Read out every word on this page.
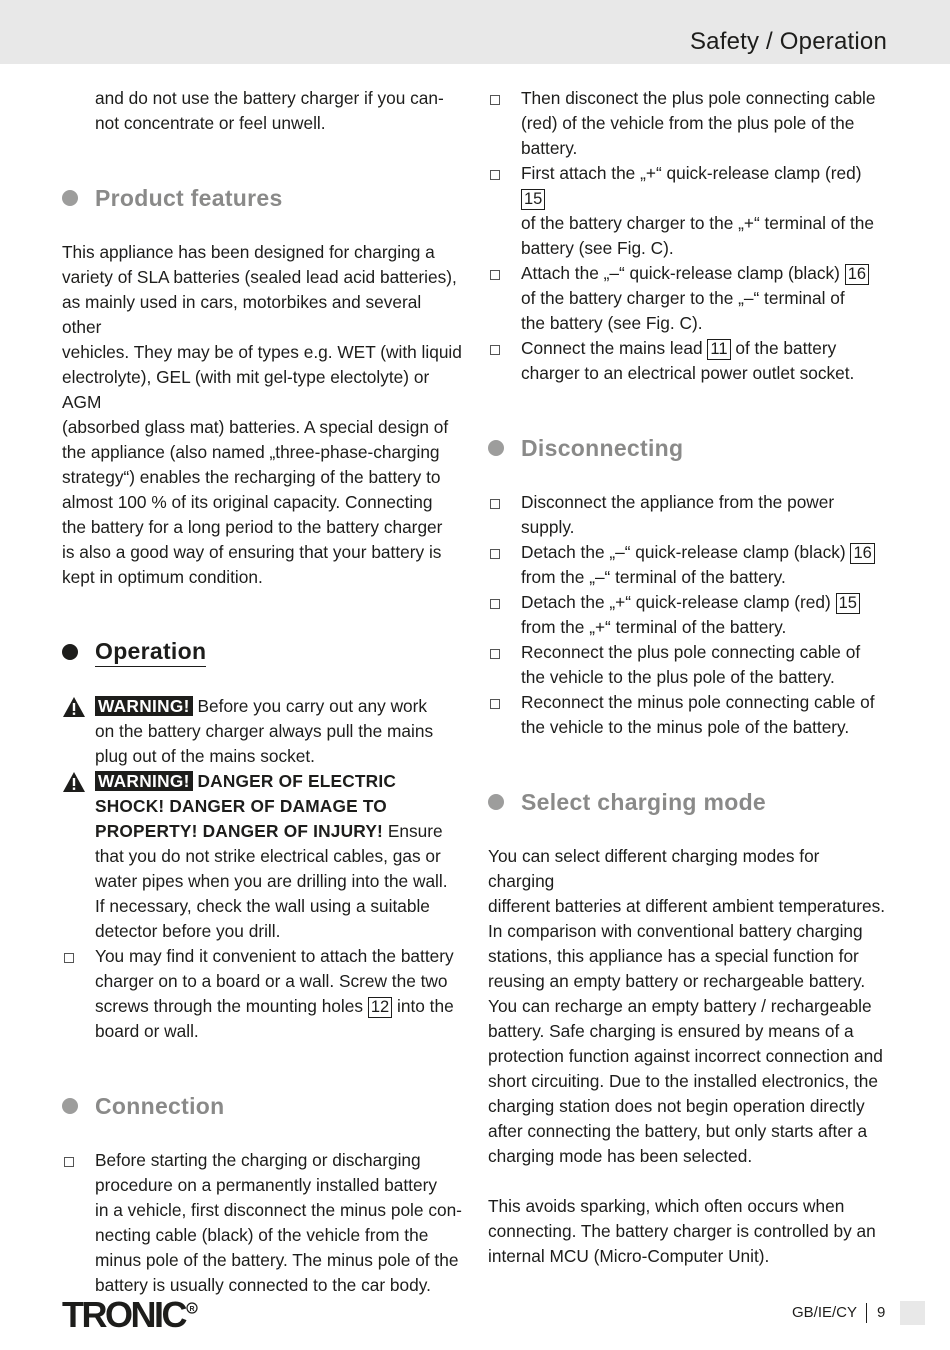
Safety / Operation
and do not use the battery charger if you can-
not concentrate or feel unwell.
Product features
This appliance has been designed for charging a
variety of SLA batteries (sealed lead acid batteries),
as mainly used in cars, motorbikes and several other
vehicles. They may be of types e.g. WET (with liquid
electrolyte), GEL (with mit gel-type electolyte) or AGM
(absorbed glass mat) batteries. A special design of
the appliance (also named „three-phase-charging
strategy“) enables the recharging of the battery to
almost 100 % of its original capacity. Connecting
the battery for a long period to the battery charger
is also a good way of ensuring that your battery is
kept in optimum condition.
Operation
WARNING! Before you carry out any work
on the battery charger always pull the mains
plug out of the mains socket.
WARNING! DANGER OF ELECTRIC
SHOCK! DANGER OF DAMAGE TO
PROPERTY! DANGER OF INJURY! Ensure
that you do not strike electrical cables, gas or
water pipes when you are drilling into the wall.
If necessary, check the wall using a suitable
detector before you drill.
You may find it convenient to attach the battery
charger on to a board or a wall. Screw the two
screws through the mounting holes 12 into the
board or wall.
Connection
Before starting the charging or discharging
procedure on a permanently installed battery
in a vehicle, first disconnect the minus pole con-
necting cable (black) of the vehicle from the
minus pole of the battery. The minus pole of the
battery is usually connected to the car body.
Then disconect the plus pole connecting cable
(red) of the vehicle from the plus pole of the
battery.
First attach the „+“ quick-release clamp (red) 15
of the battery charger to the „+“ terminal of the
battery (see Fig. C).
Attach the „–“ quick-release clamp (black) 16
of the battery charger to the „–“ terminal of
the battery (see Fig. C).
Connect the mains lead 11 of the battery
charger to an electrical power outlet socket.
Disconnecting
Disconnect the appliance from the power supply.
Detach the „–“ quick-release clamp (black) 16
from the „–“ terminal of the battery.
Detach the „+“ quick-release clamp (red) 15
from the „+“ terminal of the battery.
Reconnect the plus pole connecting cable of
the vehicle to the plus pole of the battery.
Reconnect the minus pole connecting cable of
the vehicle to the minus pole of the battery.
Select charging mode
You can select different charging modes for charging
different batteries at different ambient temperatures.
In comparison with conventional battery charging
stations, this appliance has a special function for
reusing an empty battery or rechargeable battery.
You can recharge an empty battery / rechargeable
battery. Safe charging is ensured by means of a
protection function against incorrect connection and
short circuiting. Due to the installed electronics, the
charging station does not begin operation directly
after connecting the battery, but only starts after a
charging mode has been selected.
This avoids sparking, which often occurs when
connecting. The battery charger is controlled by an
internal MCU (Micro-Computer Unit).
TRONIC R	GB/IE/CY 9
